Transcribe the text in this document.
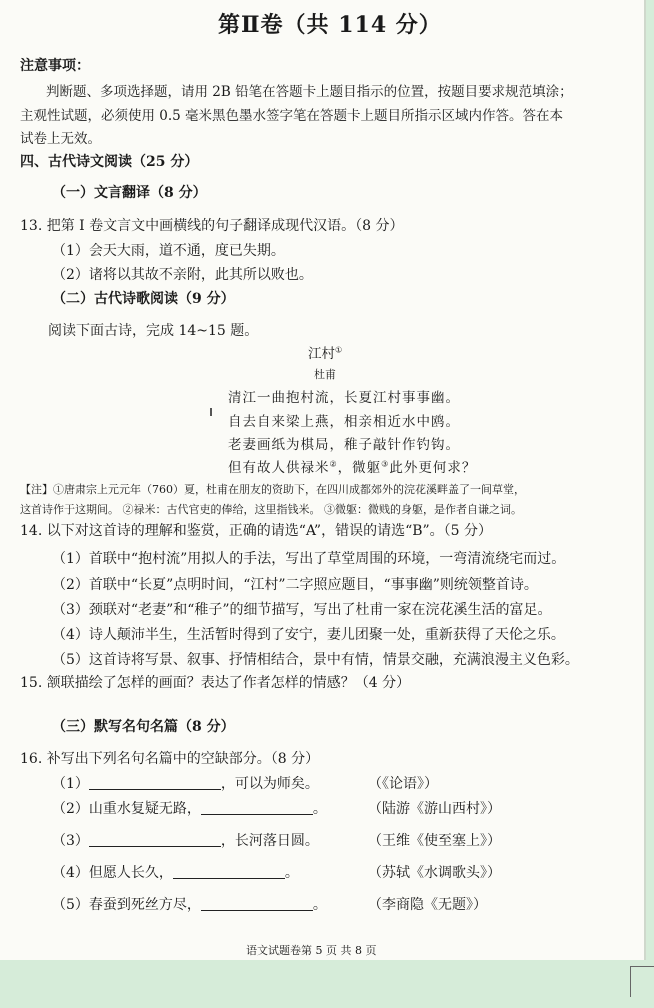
第Ⅱ卷（共 114 分）
注意事项：
判断题、多项选择题，请用 2B 铅笔在答题卡上题目指示的位置，按题目要求规范填涂；
主观性试题，必须使用 0.5 毫米黑色墨水签字笔在答题卡上题目所指示区域内作答。答在本
试卷上无效。
四、古代诗文阅读（25 分）
（一）文言翻译（8 分）
13. 把第 I 卷文言文中画横线的句子翻译成现代汉语。（8 分）
（1）会天大雨，道不通，度已失期。
（2）诸将以其故不亲附，此其所以败也。
（二）古代诗歌阅读（9 分）
阅读下面古诗，完成 14~15 题。
江村①
杜甫
清江一曲抱村流，长夏江村事事幽。
自去自来梁上燕，相亲相近水中鸥。
老妻画纸为棋局，稚子敲针作钓钩。
但有故人供禄米②，微躯③此外更何求？
【注】①唐肃宗上元元年（760）夏，杜甫在朋友的资助下，在四川成都郊外的浣花溪畔盖了一间草堂，
这首诗作于这期间。 ②禄米：古代官吏的俸给，这里指钱米。 ③微躯：微贱的身躯，是作者自谦之词。
14. 以下对这首诗的理解和鉴赏，正确的请选“A”，错误的请选“B”。（5 分）
（1）首联中“抱村流”用拟人的手法，写出了草堂周围的环境，一弯清流绕宅而过。
（2）首联中“长夏”点明时间，“江村”二字照应题目，“事事幽”则统领整首诗。
（3）颈联对“老妻”和“稚子”的细节描写，写出了杜甫一家在浣花溪生活的富足。
（4）诗人颠沛半生，生活暂时得到了安宁，妻儿团聚一处，重新获得了天伦之乐。
（5）这首诗将写景、叙事、抒情相结合，景中有情，情景交融，充满浪漫主义色彩。
15. 颔联描绘了怎样的画面？表达了作者怎样的情感？（4 分）
（三）默写名句名篇（8 分）
16. 补写出下列名句名篇中的空缺部分。（8 分）
（1）	，可以为师矣。	（《论语》）
（2）山重水复疑无路，	。	（陆游《游山西村》）
（3）	，长河落日圆。	（王维《使至塞上》）
（4）但愿人长久，	。	（苏轼《水调歌头》）
（5）春蚕到死丝方尽，	。	（李商隐《无题》）
语文试题卷第 5 页 共 8 页
